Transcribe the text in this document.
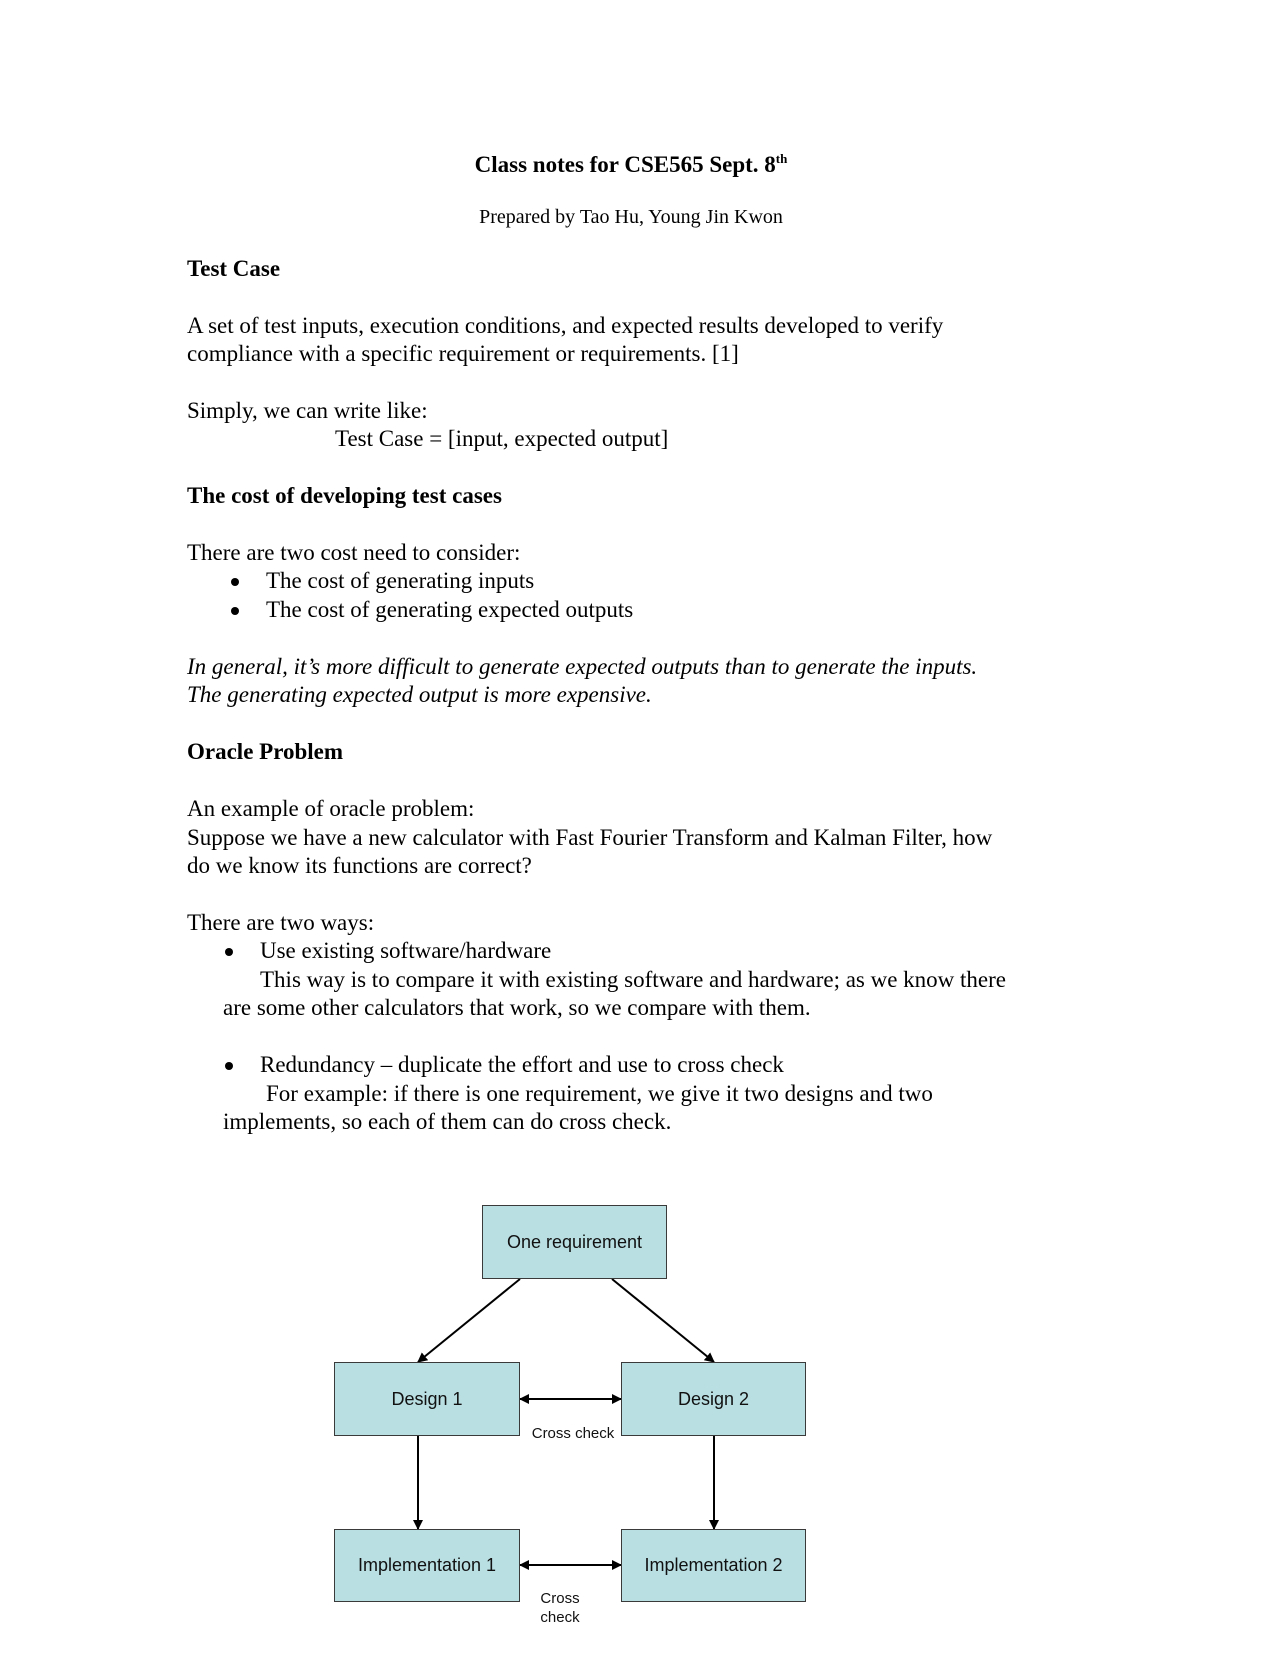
Class notes for CSE565 Sept. 8th
Prepared by Tao Hu, Young Jin Kwon
Test Case
A set of test inputs, execution conditions, and expected results developed to verify
compliance with a specific requirement or requirements. [1]
Simply, we can write like:
Test Case = [input, expected output]
The cost of developing test cases
There are two cost need to consider:
The cost of generating inputs
The cost of generating expected outputs
In general, it’s more difficult to generate expected outputs than to generate the inputs.
The generating expected output is more expensive.
Oracle Problem
An example of oracle problem:
Suppose we have a new calculator with Fast Fourier Transform and Kalman Filter, how
do we know its functions are correct?
There are two ways:
Use existing software/hardware
This way is to compare it with existing software and hardware; as we know there
are some other calculators that work, so we compare with them.
Redundancy – duplicate the effort and use to cross check
For example: if there is one requirement, we give it two designs and two
implements, so each of them can do cross check.
One requirement
Design 1	Design 2
Implementation 1	Implementation 2
Cross check
Cross
check
